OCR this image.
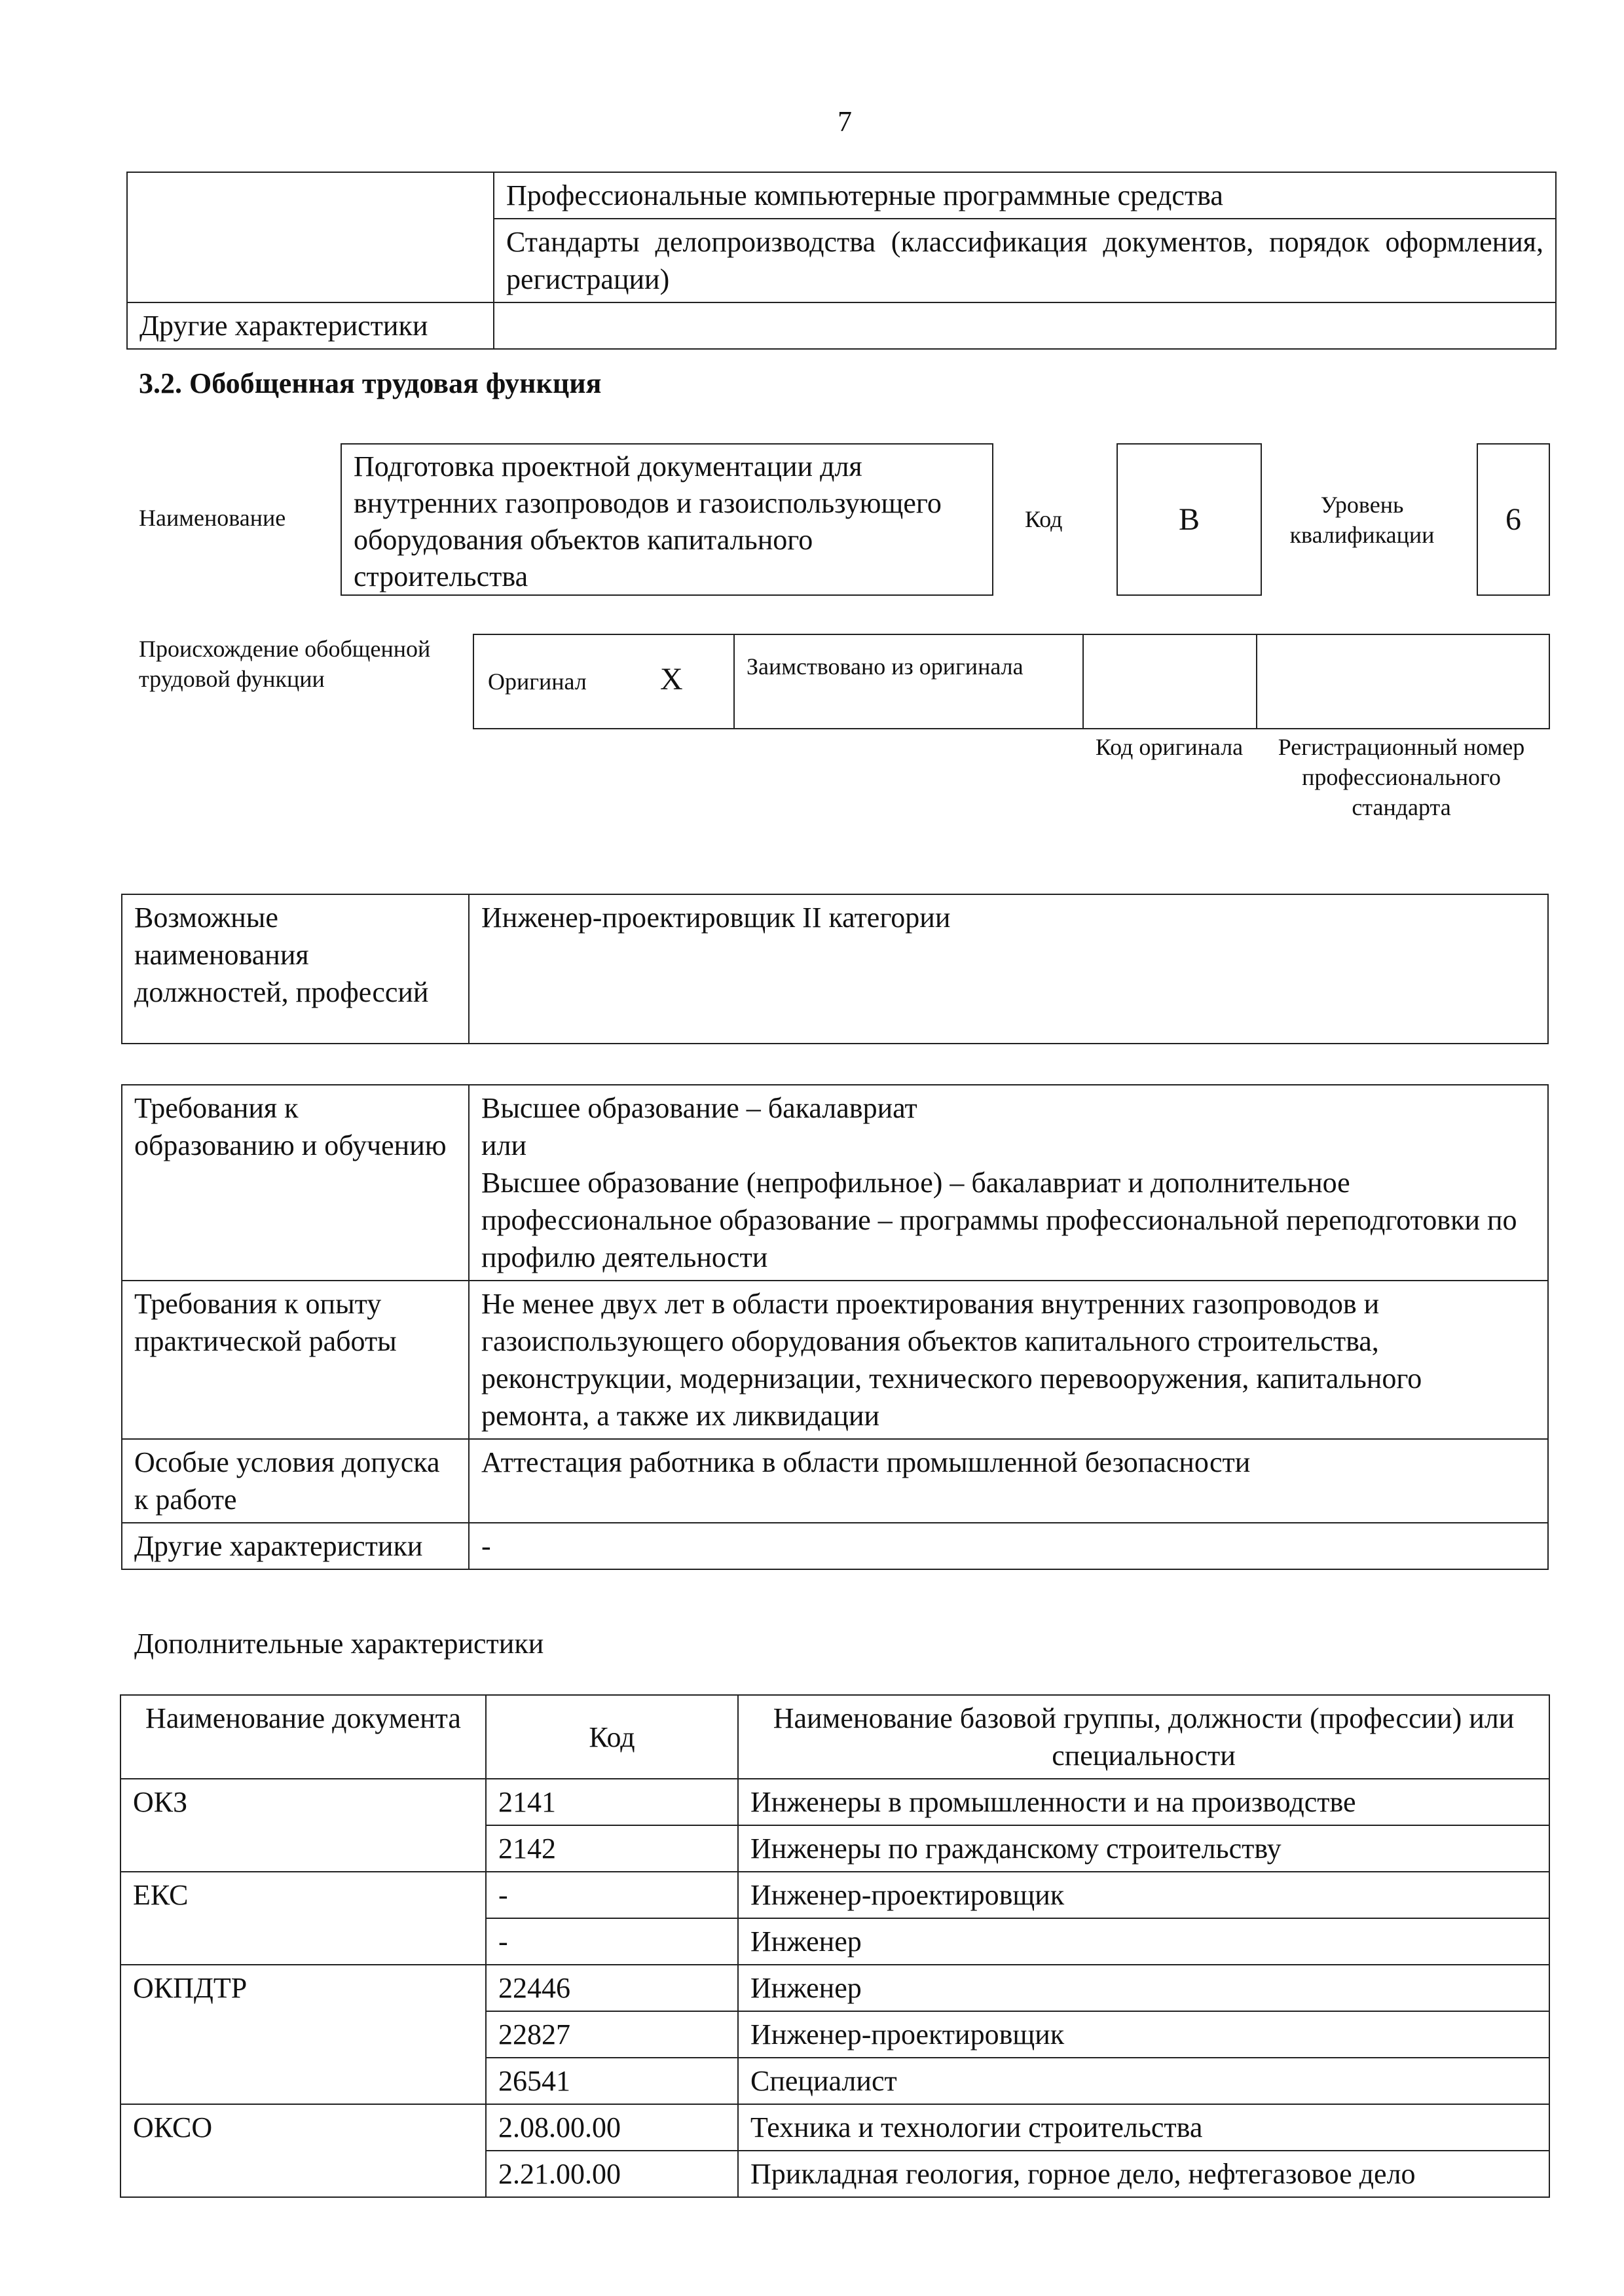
7
	Профессиональные компьютерные программные средства
	Стандарты делопроизводства (классификация документов, порядок оформления, регистрации)
Другие характеристики	
3.2. Обобщенная трудовая функция
Наименование
Подготовка проектной документации для внутренних газопроводов и газоиспользующего оборудования объектов капитального строительства
Код	B	Уровень квалификации	6
Происхождение обобщенной трудовой функции	Оригинал X	Заимствовано из оригинала
Код оригинала	Регистрационный номер профессионального стандарта
Возможные наименования должностей, профессий	Инженер-проектировщик II категории
Требования к образованию и обучению	Высшее образование – бакалавриат
или
Высшее образование (непрофильное) – бакалавриат и дополнительное профессиональное образование – программы профессиональной переподготовки по профилю деятельности

Требования к опыту практической работы	Не менее двух лет в области проектирования внутренних газопроводов и газоиспользующего оборудования объектов капитального строительства, реконструкции, модернизации, технического перевооружения, капитального ремонта, а также их ликвидации

Особые условия допуска к работе	Аттестация работника в области промышленной безопасности

Другие характеристики	-
Дополнительные характеристики
Наименование документа	Код	Наименование базовой группы, должности (профессии) или специальности
ОКЗ	2141	Инженеры в промышленности и на производстве
	2142	Инженеры по гражданскому строительству
ЕКС	-	Инженер-проектировщик
	-	Инженер
ОКПДТР	22446	Инженер
	22827	Инженер-проектировщик
	26541	Специалист
ОКСО	2.08.00.00	Техника и технологии строительства
	2.21.00.00	Прикладная геология, горное дело, нефтегазовое дело
